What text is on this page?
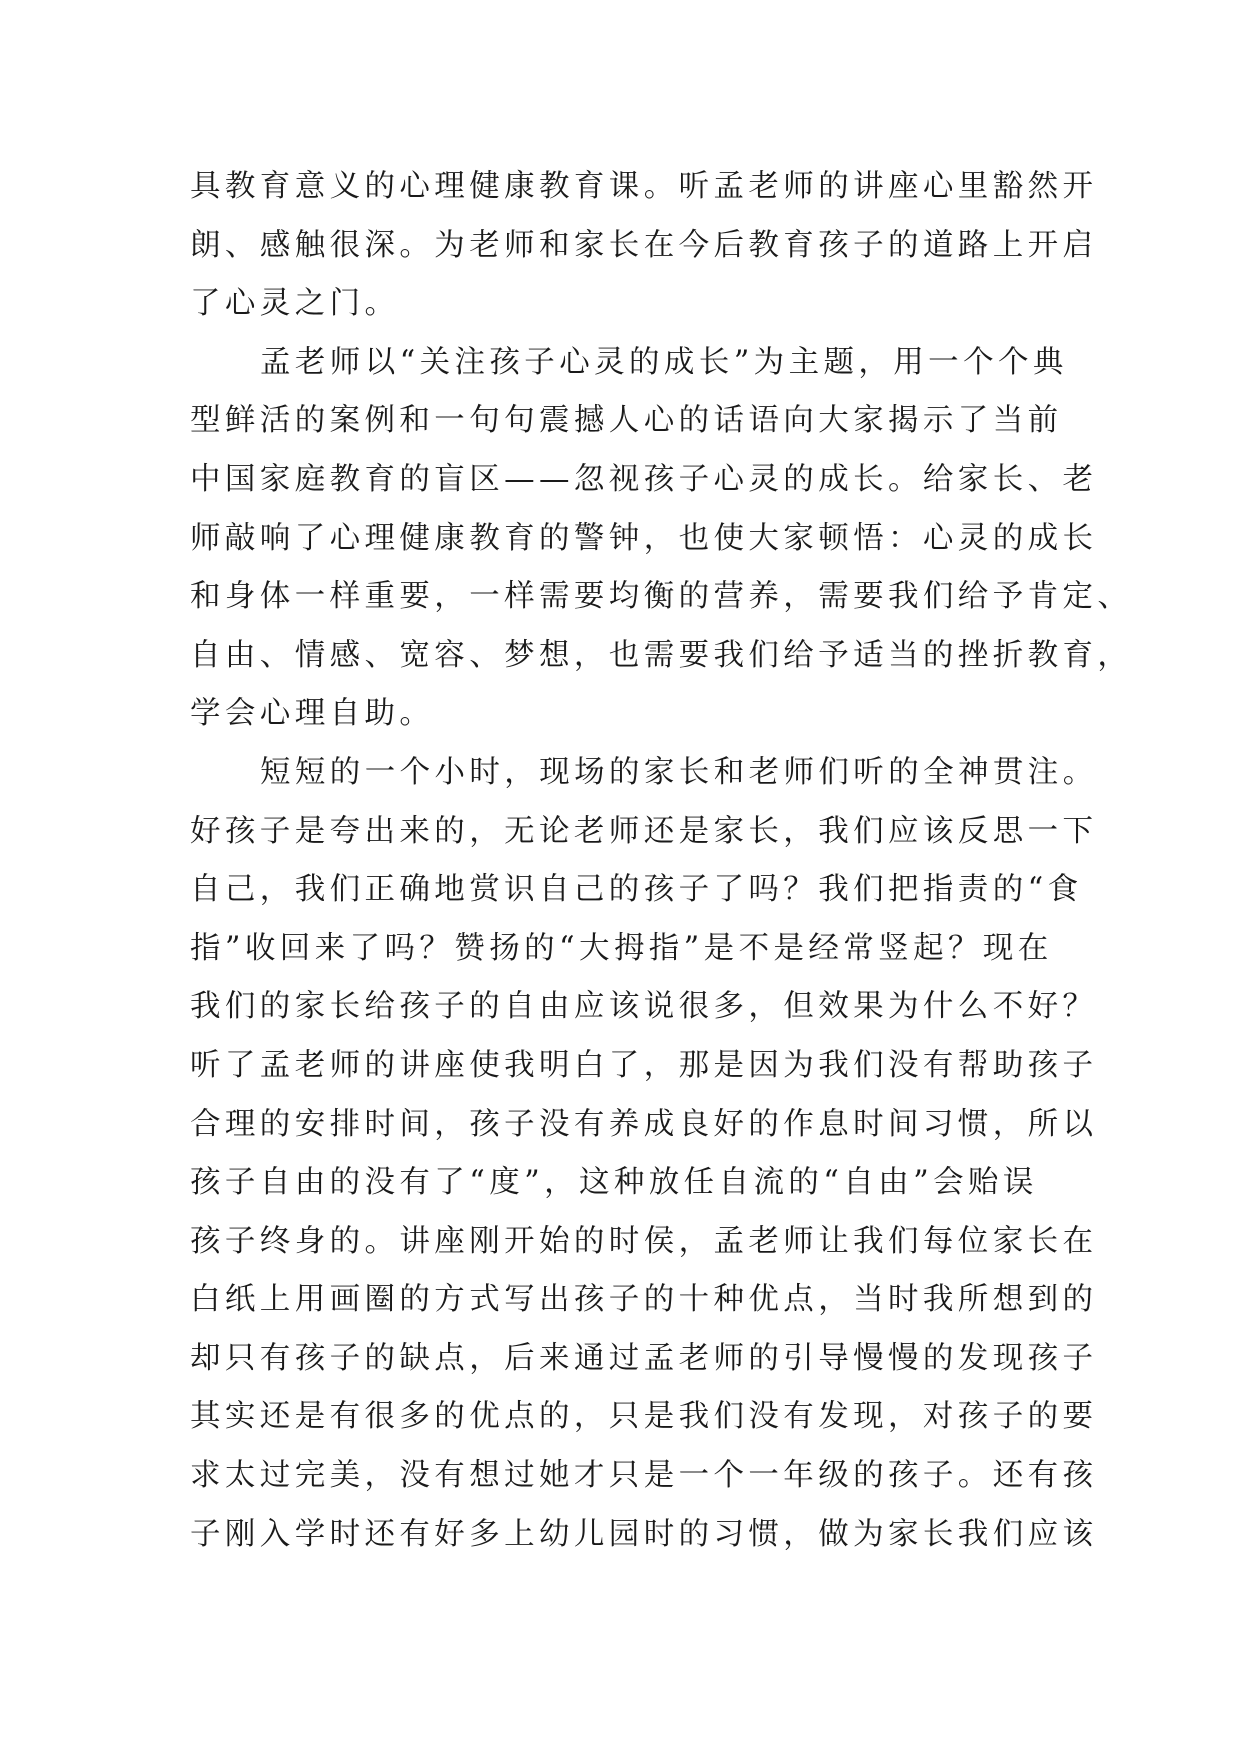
具教育意义的心理健康教育课。听孟老师的讲座心里豁然开
朗、感触很深。为老师和家长在今后教育孩子的道路上开启
了心灵之门。
孟老师以“关注孩子心灵的成长”为主题，用一个个典
型鲜活的案例和一句句震撼人心的话语向大家揭示了当前
中国家庭教育的盲区——忽视孩子心灵的成长。给家长、老
师敲响了心理健康教育的警钟，也使大家顿悟：心灵的成长
和身体一样重要，一样需要均衡的营养，需要我们给予肯定、
自由、情感、宽容、梦想，也需要我们给予适当的挫折教育，
学会心理自助。
短短的一个小时，现场的家长和老师们听的全神贯注。
好孩子是夸出来的，无论老师还是家长，我们应该反思一下
自己，我们正确地赏识自己的孩子了吗？我们把指责的“食
指”收回来了吗？赞扬的“大拇指”是不是经常竖起？现在
我们的家长给孩子的自由应该说很多，但效果为什么不好？
听了孟老师的讲座使我明白了，那是因为我们没有帮助孩子
合理的安排时间，孩子没有养成良好的作息时间习惯，所以
孩子自由的没有了“度”，这种放任自流的“自由”会贻误
孩子终身的。讲座刚开始的时侯，孟老师让我们每位家长在
白纸上用画圈的方式写出孩子的十种优点，当时我所想到的
却只有孩子的缺点，后来通过孟老师的引导慢慢的发现孩子
其实还是有很多的优点的，只是我们没有发现，对孩子的要
求太过完美，没有想过她才只是一个一年级的孩子。还有孩
子刚入学时还有好多上幼儿园时的习惯，做为家长我们应该
